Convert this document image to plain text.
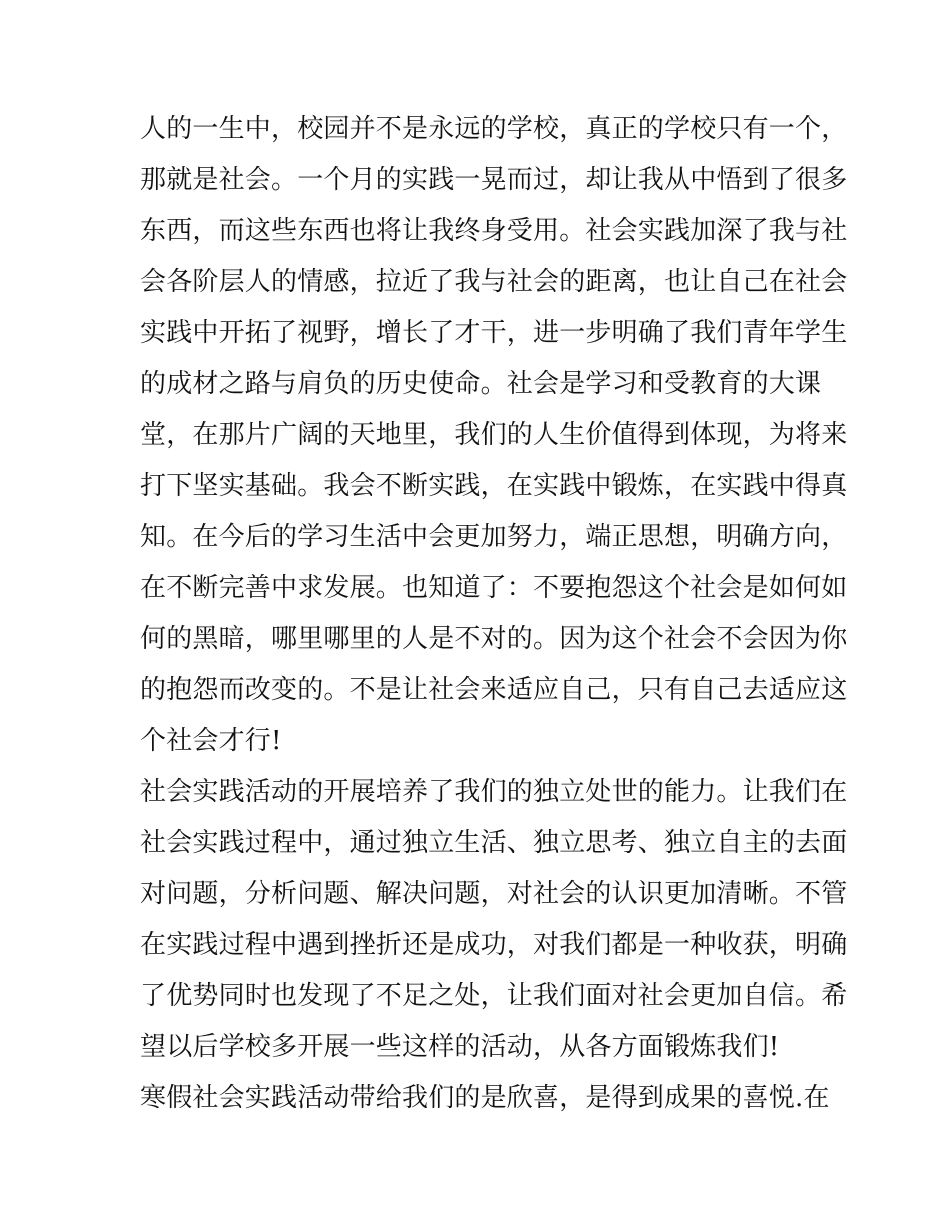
人的一生中，校园并不是永远的学校，真正的学校只有一个，
那就是社会。一个月的实践一晃而过，却让我从中悟到了很多
东西，而这些东西也将让我终身受用。社会实践加深了我与社
会各阶层人的情感，拉近了我与社会的距离，也让自己在社会
实践中开拓了视野，增长了才干，进一步明确了我们青年学生
的成材之路与肩负的历史使命。社会是学习和受教育的大课
堂，在那片广阔的天地里，我们的人生价值得到体现，为将来
打下坚实基础。我会不断实践，在实践中锻炼，在实践中得真
知。在今后的学习生活中会更加努力，端正思想，明确方向，
在不断完善中求发展。也知道了：不要抱怨这个社会是如何如
何的黑暗，哪里哪里的人是不对的。因为这个社会不会因为你
的抱怨而改变的。不是让社会来适应自己，只有自己去适应这
个社会才行!
社会实践活动的开展培养了我们的独立处世的能力。让我们在
社会实践过程中，通过独立生活、独立思考、独立自主的去面
对问题，分析问题、解决问题，对社会的认识更加清晰。不管
在实践过程中遇到挫折还是成功，对我们都是一种收获，明确
了优势同时也发现了不足之处，让我们面对社会更加自信。希
望以后学校多开展一些这样的活动，从各方面锻炼我们!
寒假社会实践活动带给我们的是欣喜，是得到成果的喜悦.在
